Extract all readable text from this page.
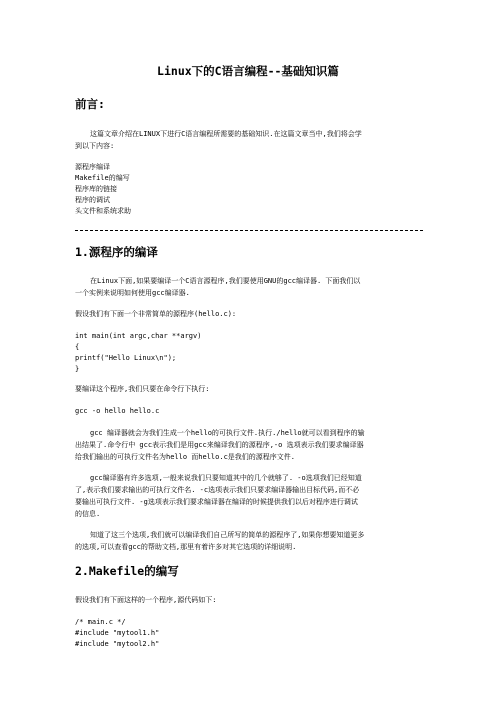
Linux下的C语言编程--基础知识篇
前言:
这篇文章介绍在LINUX下进行C语言编程所需要的基础知识.在这篇文章当中,我们将会学
到以下内容:
源程序编译
Makefile的编写
程序库的链接
程序的调试
头文件和系统求助
1.源程序的编译
在Linux下面,如果要编译一个C语言源程序,我们要使用GNU的gcc编译器. 下面我们以
一个实例来说明如何使用gcc编译器.
假设我们有下面一个非常简单的源程序(hello.c):
int main(int argc,char **argv)
{
printf("Hello Linux\n");
}
要编译这个程序,我们只要在命令行下执行:
gcc -o hello hello.c
gcc 编译器就会为我们生成一个hello的可执行文件.执行./hello就可以看到程序的输
出结果了.命令行中 gcc表示我们是用gcc来编译我们的源程序,-o 选项表示我们要求编译器
给我们输出的可执行文件名为hello 而hello.c是我们的源程序文件.
gcc编译器有许多选项,一般来说我们只要知道其中的几个就够了. -o选项我们已经知道
了,表示我们要求输出的可执行文件名. -c选项表示我们只要求编译器输出目标代码,而不必
要输出可执行文件. -g选项表示我们要求编译器在编译的时候提供我们以后对程序进行调试
的信息.
知道了这三个选项,我们就可以编译我们自己所写的简单的源程序了,如果你想要知道更多
的选项,可以查看gcc的帮助文档,那里有着许多对其它选项的详细说明.
2.Makefile的编写
假设我们有下面这样的一个程序,源代码如下:
/* main.c */
#include "mytool1.h"
#include "mytool2.h"
